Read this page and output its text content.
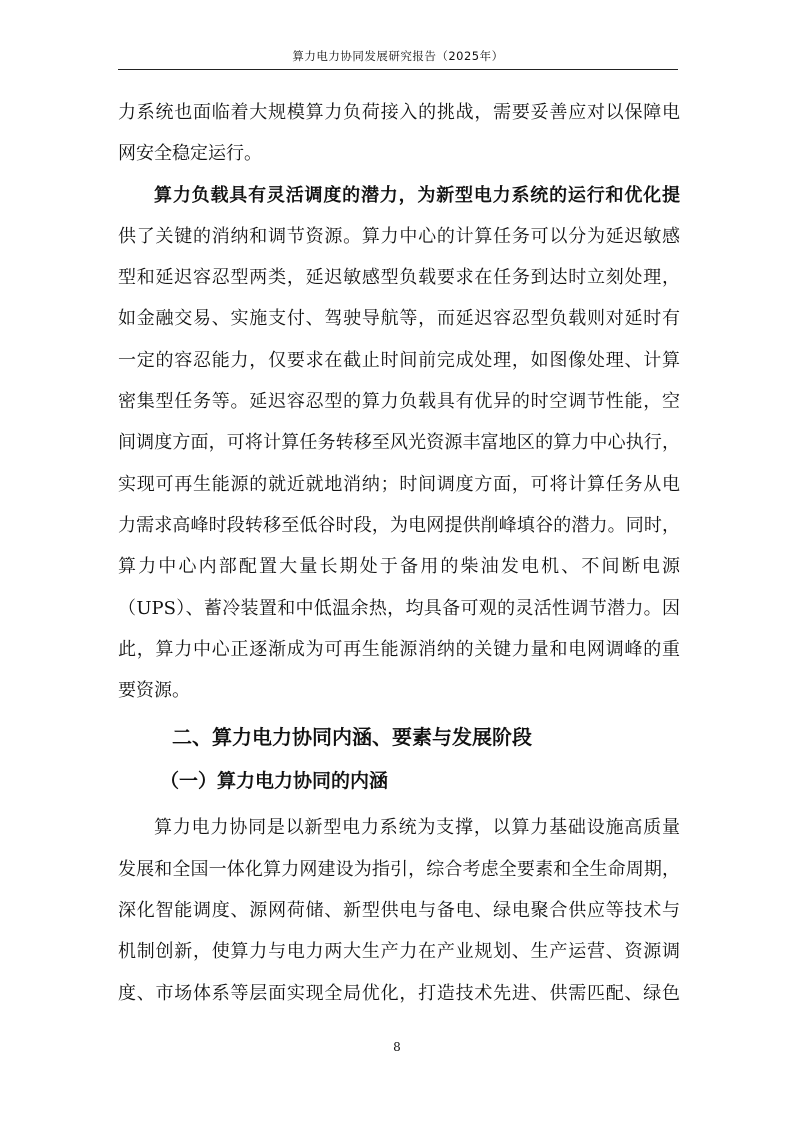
算力电力协同发展研究报告（2025年）
力系统也面临着大规模算力负荷接入的挑战，需要妥善应对以保障电
网安全稳定运行。
算力负载具有灵活调度的潜力，为新型电力系统的运行和优化提
供了关键的消纳和调节资源。算力中心的计算任务可以分为延迟敏感
型和延迟容忍型两类，延迟敏感型负载要求在任务到达时立刻处理，
如金融交易、实施支付、驾驶导航等，而延迟容忍型负载则对延时有
一定的容忍能力，仅要求在截止时间前完成处理，如图像处理、计算
密集型任务等。延迟容忍型的算力负载具有优异的时空调节性能，空
间调度方面，可将计算任务转移至风光资源丰富地区的算力中心执行，
实现可再生能源的就近就地消纳；时间调度方面，可将计算任务从电
力需求高峰时段转移至低谷时段，为电网提供削峰填谷的潜力。同时，
算力中心内部配置大量长期处于备用的柴油发电机、不间断电源
（UPS）、蓄冷装置和中低温余热，均具备可观的灵活性调节潜力。因
此，算力中心正逐渐成为可再生能源消纳的关键力量和电网调峰的重
要资源。
二、算力电力协同内涵、要素与发展阶段
（一）算力电力协同的内涵
算力电力协同是以新型电力系统为支撑，以算力基础设施高质量
发展和全国一体化算力网建设为指引，综合考虑全要素和全生命周期，
深化智能调度、源网荷储、新型供电与备电、绿电聚合供应等技术与
机制创新，使算力与电力两大生产力在产业规划、生产运营、资源调
度、市场体系等层面实现全局优化，打造技术先进、供需匹配、绿色
8
